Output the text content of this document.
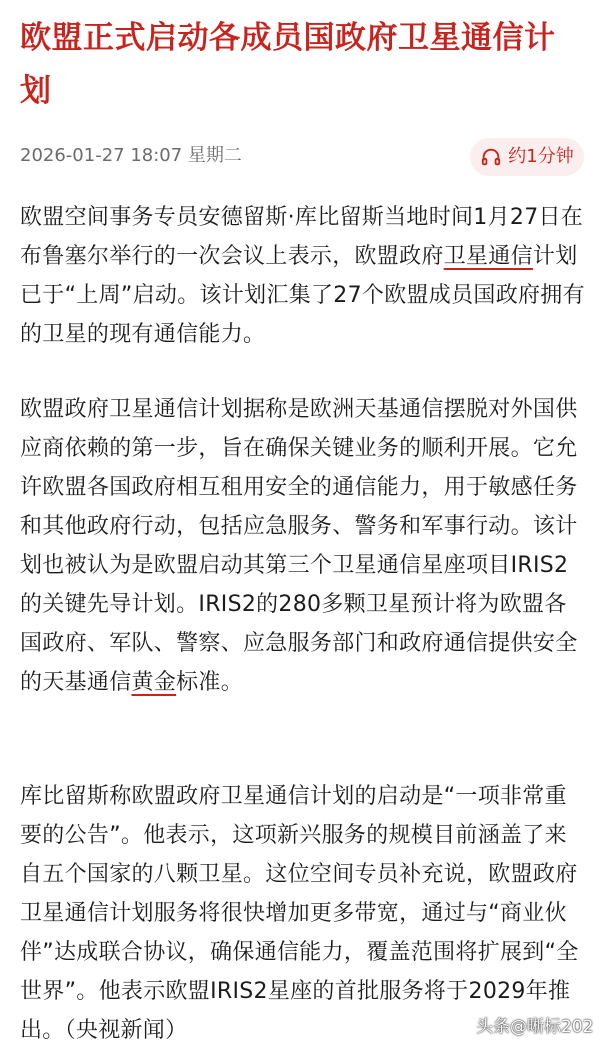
欧盟正式启动各成员国政府卫星通信计划
2026-01-27 18:07 星期二	约1分钟

欧盟空间事务专员安德留斯·库比留斯当地时间1月27日在布鲁塞尔举行的一次会议上表示，欧盟政府卫星通信计划已于“上周”启动。该计划汇集了27个欧盟成员国政府拥有的卫星的现有通信能力。

欧盟政府卫星通信计划据称是欧洲天基通信摆脱对外国供应商依赖的第一步，旨在确保关键业务的顺利开展。它允许欧盟各国政府相互租用安全的通信能力，用于敏感任务和其他政府行动，包括应急服务、警务和军事行动。该计划也被认为是欧盟启动其第三个卫星通信星座项目IRIS2的关键先导计划。IRIS2的280多颗卫星预计将为欧盟各国政府、军队、警察、应急服务部门和政府通信提供安全的天基通信黄金标准。

库比留斯称欧盟政府卫星通信计划的启动是“一项非常重要的公告”。他表示，这项新兴服务的规模目前涵盖了来自五个国家的八颗卫星。这位空间专员补充说，欧盟政府卫星通信计划服务将很快增加更多带宽，通过与“商业伙伴”达成联合协议，确保通信能力，覆盖范围将扩展到“全世界”。他表示欧盟IRIS2星座的首批服务将于2029年推出。（央视新闻）	头条@晰标202
